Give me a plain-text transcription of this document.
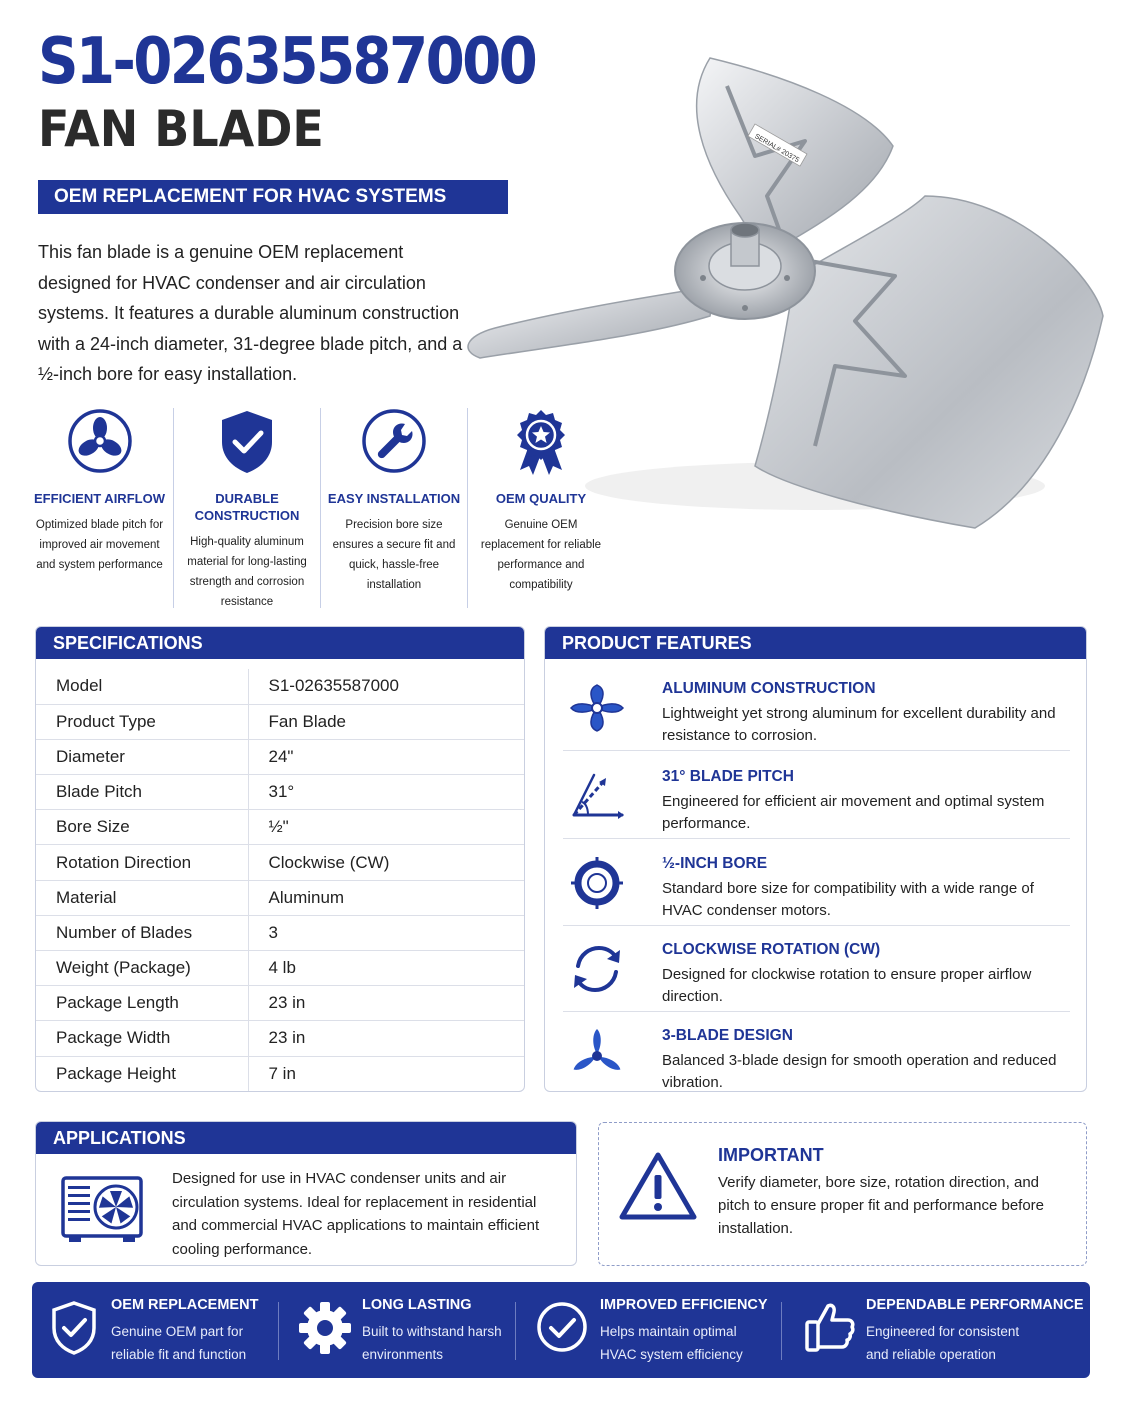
S1-02635587000
FAN BLADE
OEM REPLACEMENT FOR HVAC SYSTEMS

This fan blade is a genuine OEM replacement designed for HVAC condenser and air circulation systems. It features a durable aluminum construction with a 24-inch diameter, 31-degree blade pitch, and a ½-inch bore for easy installation.

SERIAL# 20375
EFFICIENT AIRFLOW
Optimized blade pitch for improved air movement and system performance
DURABLE CONSTRUCTION
High-quality aluminum material for long-lasting strength and corrosion resistance
EASY INSTALLATION
Precision bore size ensures a secure fit and quick, hassle-free installation
OEM QUALITY
Genuine OEM replacement for reliable performance and compatibility
SPECIFICATIONS
Model	S1-02635587000
Product Type	Fan Blade
Diameter	24"
Blade Pitch	31°
Bore Size	½"
Rotation Direction	Clockwise (CW)
Material	Aluminum
Number of Blades	3
Weight (Package)	4 lb
Package Length	23 in
Package Width	23 in
Package Height	7 in
PRODUCT FEATURES
ALUMINUM CONSTRUCTION
Lightweight yet strong aluminum for excellent durability and resistance to corrosion.
31° BLADE PITCH
Engineered for efficient air movement and optimal system performance.
½-INCH BORE
Standard bore size for compatibility with a wide range of HVAC condenser motors.
CLOCKWISE ROTATION (CW)
Designed for clockwise rotation to ensure proper airflow direction.
3-BLADE DESIGN
Balanced 3-blade design for smooth operation and reduced vibration.
APPLICATIONS

Designed for use in HVAC condenser units and air circulation systems. Ideal for replacement in residential and commercial HVAC applications to maintain efficient cooling performance.

IMPORTANT

Verify diameter, bore size, rotation direction, and pitch to ensure proper fit and performance before installation.

OEM REPLACEMENT
Genuine OEM part for
reliable fit and function
LONG LASTING
Built to withstand harsh
environments
IMPROVED EFFICIENCY
Helps maintain optimal
HVAC system efficiency
DEPENDABLE PERFORMANCE
Engineered for consistent
and reliable operation
